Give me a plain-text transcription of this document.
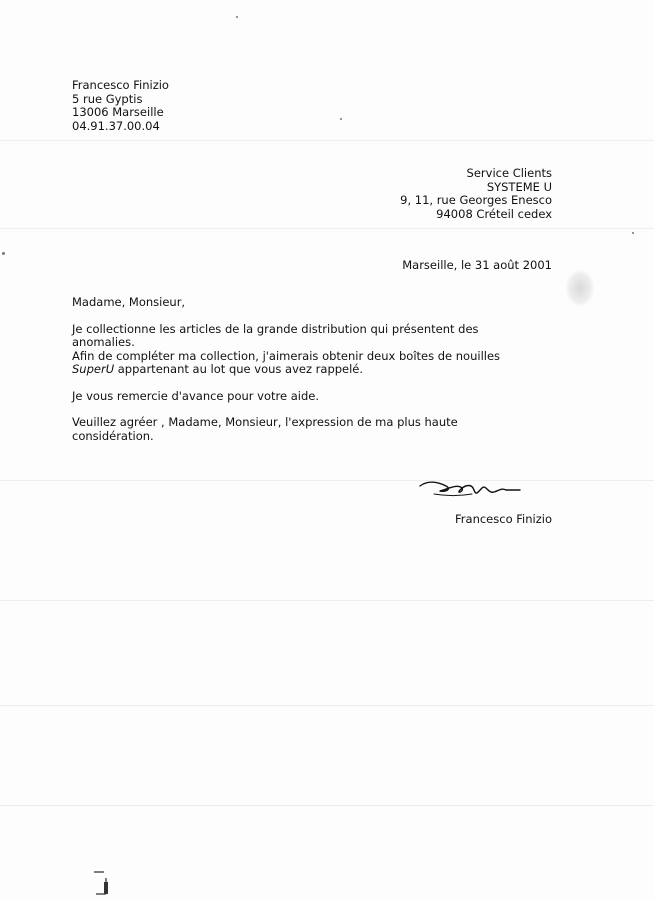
Francesco Finizio
5 rue Gyptis
13006 Marseille
04.91.37.00.04
Service Clients
SYSTEME U
9, 11, rue Georges Enesco
94008 Créteil cedex
Marseille, le 31 août 2001
Madame, Monsieur,
Je collectionne les articles de la grande distribution qui présentent des
anomalies.
Afin de compléter ma collection, j'aimerais obtenir deux boîtes de nouilles
SuperU appartenant au lot que vous avez rappelé.
Je vous remercie d'avance pour votre aide.
Veuillez agréer , Madame, Monsieur, l'expression de ma plus haute
considération.
Francesco Finizio
